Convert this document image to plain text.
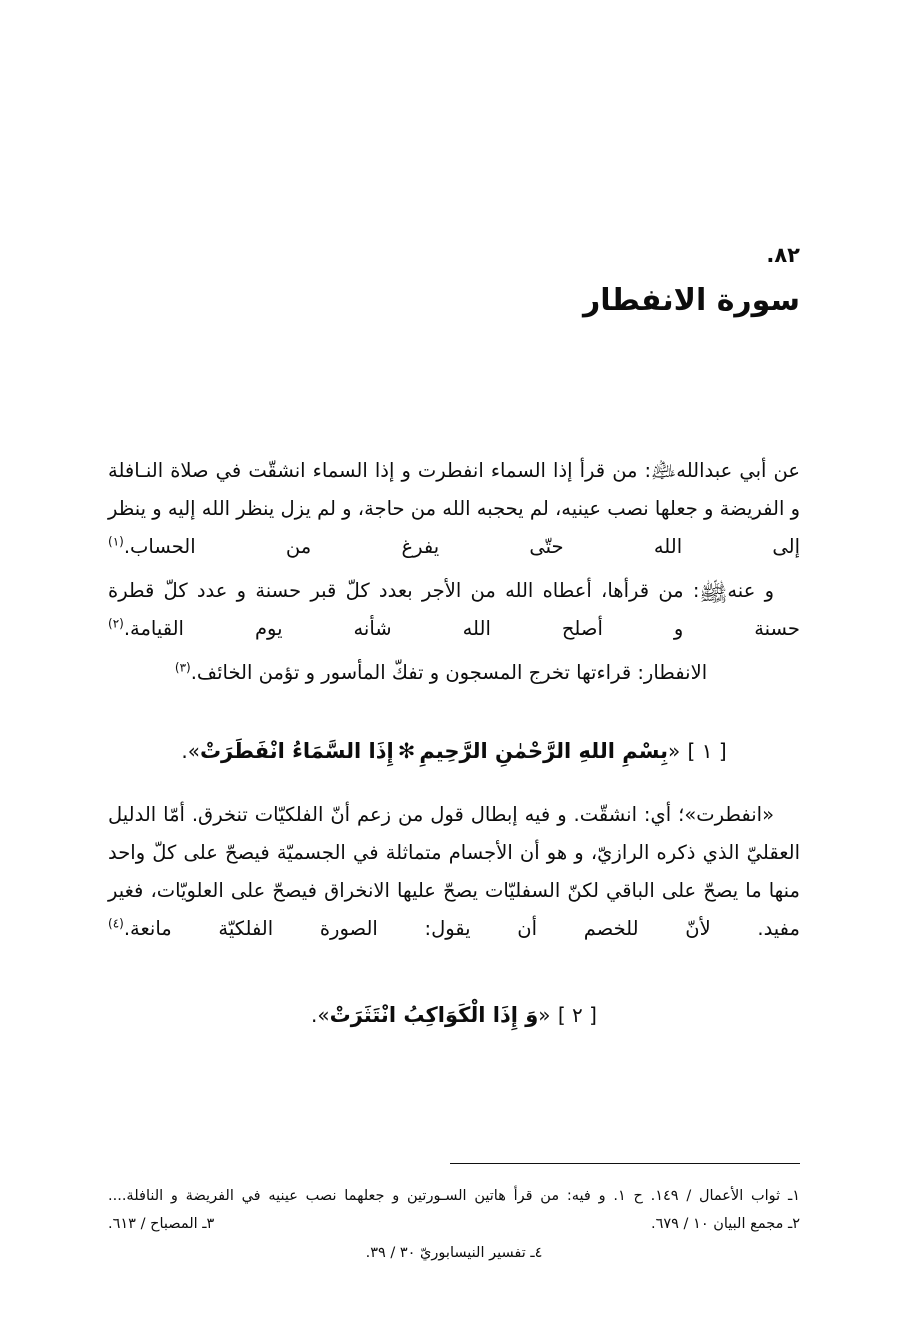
٨٢.
سورة الانفطار

عن أبي عبدالله﵇: من قرأ إذا السماء انفطرت و إذا السماء انشقّت في صلاة النـافلة و الفريضة و جعلها نصب عينيه، لم يحجبه الله من حاجة، و لم يزل ينظر الله إليه و ينظر إلى الله حتّى يفرغ من الحساب.$^{(١)}$

و عنه﵌: من قرأها، أعطاه الله من الأجر بعدد كلّ قبر حسنة و عدد كلّ قطرة حسنة و أصلح الله شأنه يوم القيامة.$^{(٢)}$

الانفطار: قراءتها تخرج المسجون و تفكّ المأسور و تؤمن الخائف.$^{(٣)}$

[ ١ ] «بِسْمِ اللهِ الرَّحْمٰنِ الرَّحِيمِ✻إِذَا السَّمَاءُ انْفَطَرَتْ».

«انفطرت»؛ أي: انشقّت. و فيه إبطال قول من زعم أنّ الفلكيّات تنخرق. أمّا الدليل العقليّ الذي ذكره الرازيّ، و هو أن الأجسام متماثلة في الجسميّة فيصحّ على كلّ واحد منها ما يصحّ على الباقي لكنّ السفليّات يصحّ عليها الانخراق فيصحّ على العلويّات، فغير مفيد. لأنّ للخصم أن يقول: الصورة الفلكيّة مانعة.$^{(٤)}$

[ ٢ ] «وَ إِذَا الْكَوَاكِبُ انْتَثَرَتْ».

١ـ ثواب الأعمال / ١٤٩. ح ١. و فيه: من قرأ هاتين السـورتين و جعلهما نصب عينيه في الفريضة و النافلة....
٢ـ مجمع البيان ١٠ / ٦٧٩.
٣ـ المصباح / ٦١٣.
٤ـ تفسير النيسابوريّ ٣٠ / ٣٩.
